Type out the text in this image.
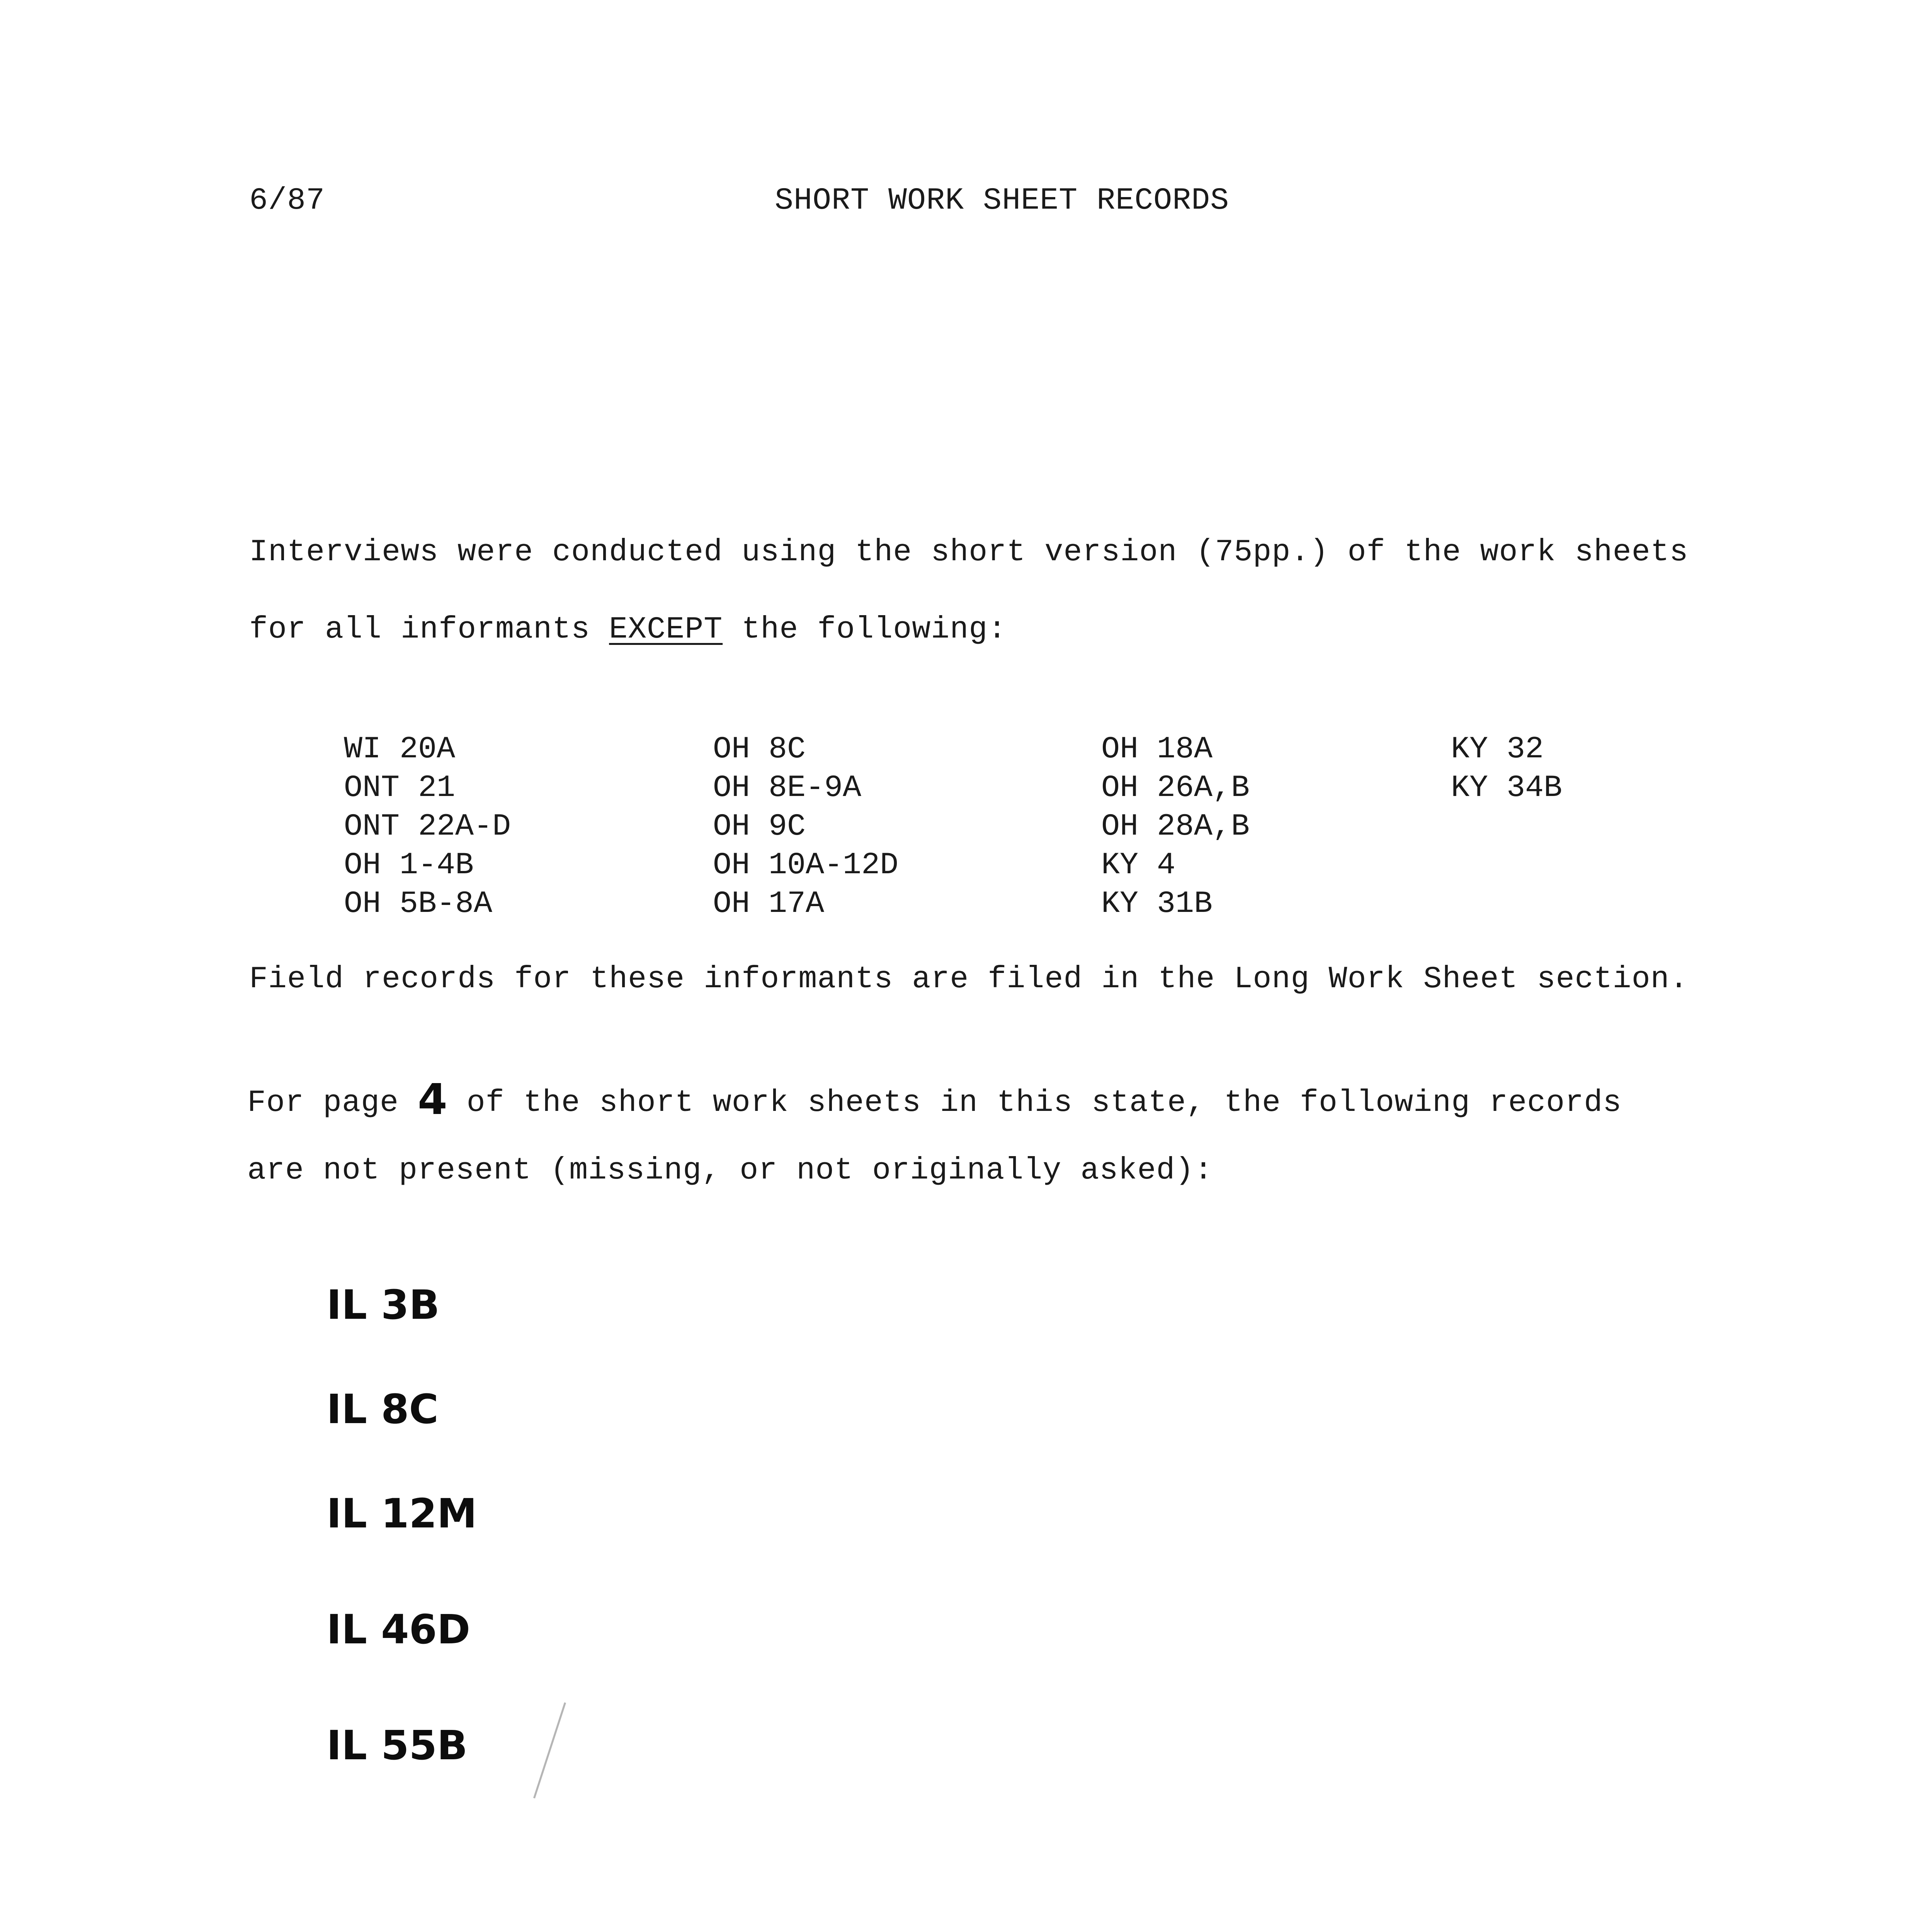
6/87	SHORT WORK SHEET RECORDS
Interviews were conducted using the short version (75pp.) of the work sheets
for all informants EXCEPT the following:
WI 20A
ONT 21
ONT 22A-D
OH 1-4B
OH 5B-8A
OH 8C
OH 8E-9A
OH 9C
OH 10A-12D
OH 17A
OH 18A
OH 26A,B
OH 28A,B
KY 4
KY 31B
KY 32
KY 34B
Field records for these informants are filed in the Long Work Sheet section.
For page 4 of the short work sheets in this state, the following records
are not present (missing, or not originally asked):
IL 3B
IL 8C
IL 12M
IL 46D
IL 55B
